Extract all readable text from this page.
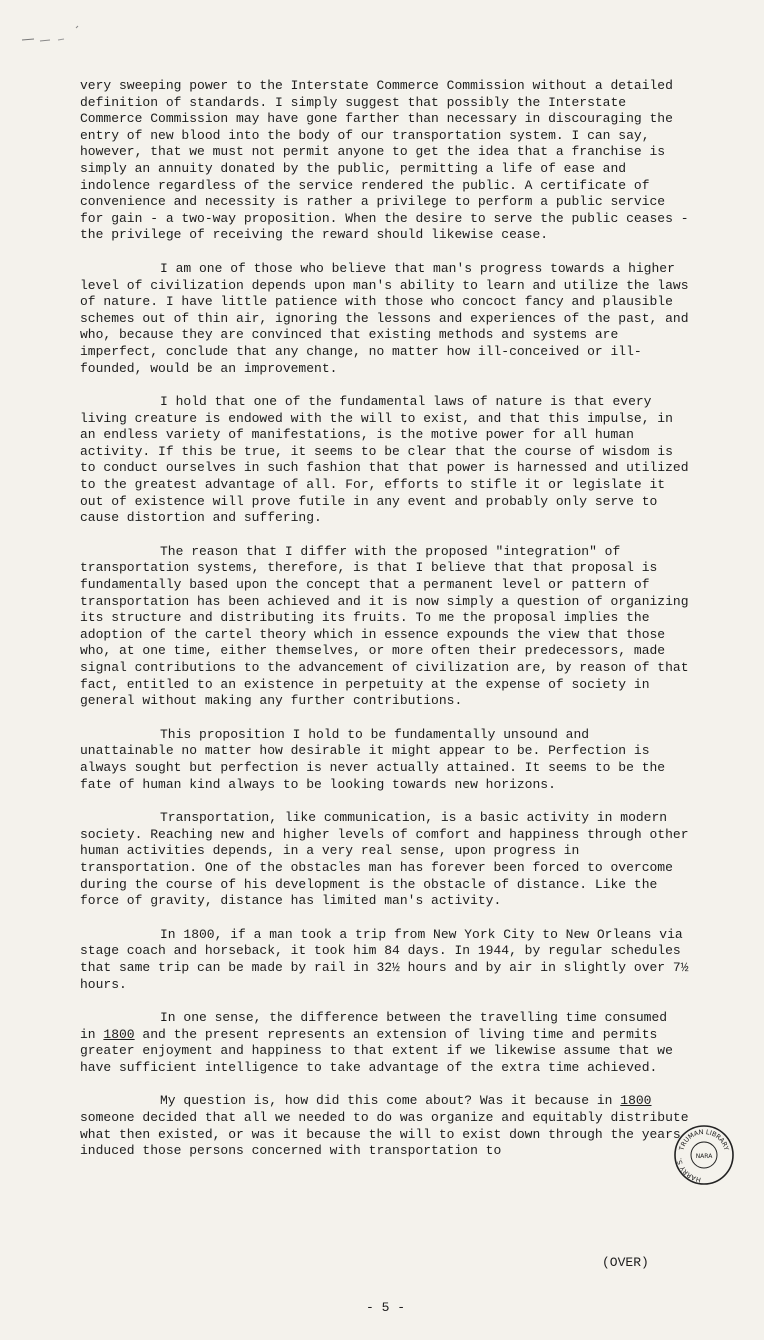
very sweeping power to the Interstate Commerce Commission without a detailed definition of standards. I simply suggest that possibly the Interstate Commerce Commission may have gone farther than necessary in discouraging the entry of new blood into the body of our transportation system. I can say, however, that we must not permit anyone to get the idea that a franchise is simply an annuity donated by the public, permitting a life of ease and indolence regardless of the service rendered the public. A certificate of convenience and necessity is rather a privilege to perform a public service for gain - a two-way proposition. When the desire to serve the public ceases - the privilege of receiving the reward should likewise cease.

I am one of those who believe that man's progress towards a higher level of civilization depends upon man's ability to learn and utilize the laws of nature. I have little patience with those who concoct fancy and plausible schemes out of thin air, ignoring the lessons and experiences of the past, and who, because they are convinced that existing methods and systems are imperfect, conclude that any change, no matter how ill-conceived or ill-founded, would be an improvement.

I hold that one of the fundamental laws of nature is that every living creature is endowed with the will to exist, and that this impulse, in an endless variety of manifestations, is the motive power for all human activity. If this be true, it seems to be clear that the course of wisdom is to conduct ourselves in such fashion that that power is harnessed and utilized to the greatest advantage of all. For, efforts to stifle it or legislate it out of existence will prove futile in any event and probably only serve to cause distortion and suffering.

The reason that I differ with the proposed "integration" of transportation systems, therefore, is that I believe that that proposal is fundamentally based upon the concept that a permanent level or pattern of transportation has been achieved and it is now simply a question of organizing its structure and distributing its fruits. To me the proposal implies the adoption of the cartel theory which in essence expounds the view that those who, at one time, either themselves, or more often their predecessors, made signal contributions to the advancement of civilization are, by reason of that fact, entitled to an existence in perpetuity at the expense of society in general without making any further contributions.

This proposition I hold to be fundamentally unsound and unattainable no matter how desirable it might appear to be. Perfection is always sought but perfection is never actually attained. It seems to be the fate of human kind always to be looking towards new horizons.

Transportation, like communication, is a basic activity in modern society. Reaching new and higher levels of comfort and happiness through other human activities depends, in a very real sense, upon progress in transportation. One of the obstacles man has forever been forced to overcome during the course of his development is the obstacle of distance. Like the force of gravity, distance has limited man's activity.

In 1800, if a man took a trip from New York City to New Orleans via stage coach and horseback, it took him 84 days. In 1944, by regular schedules that same trip can be made by rail in 32½ hours and by air in slightly over 7½ hours.

In one sense, the difference between the travelling time consumed in 1800 and the present represents an extension of living time and permits greater enjoyment and happiness to that extent if we likewise assume that we have sufficient intelligence to take advantage of the extra time achieved.

My question is, how did this come about? Was it because in 1800 someone decided that all we needed to do was organize and equitably distribute what then existed, or was it because the will to exist down through the years induced those persons concerned with transportation to	TRUMAN LIBRARY
HARRY S.	NARA
(OVER)
- 5 -
